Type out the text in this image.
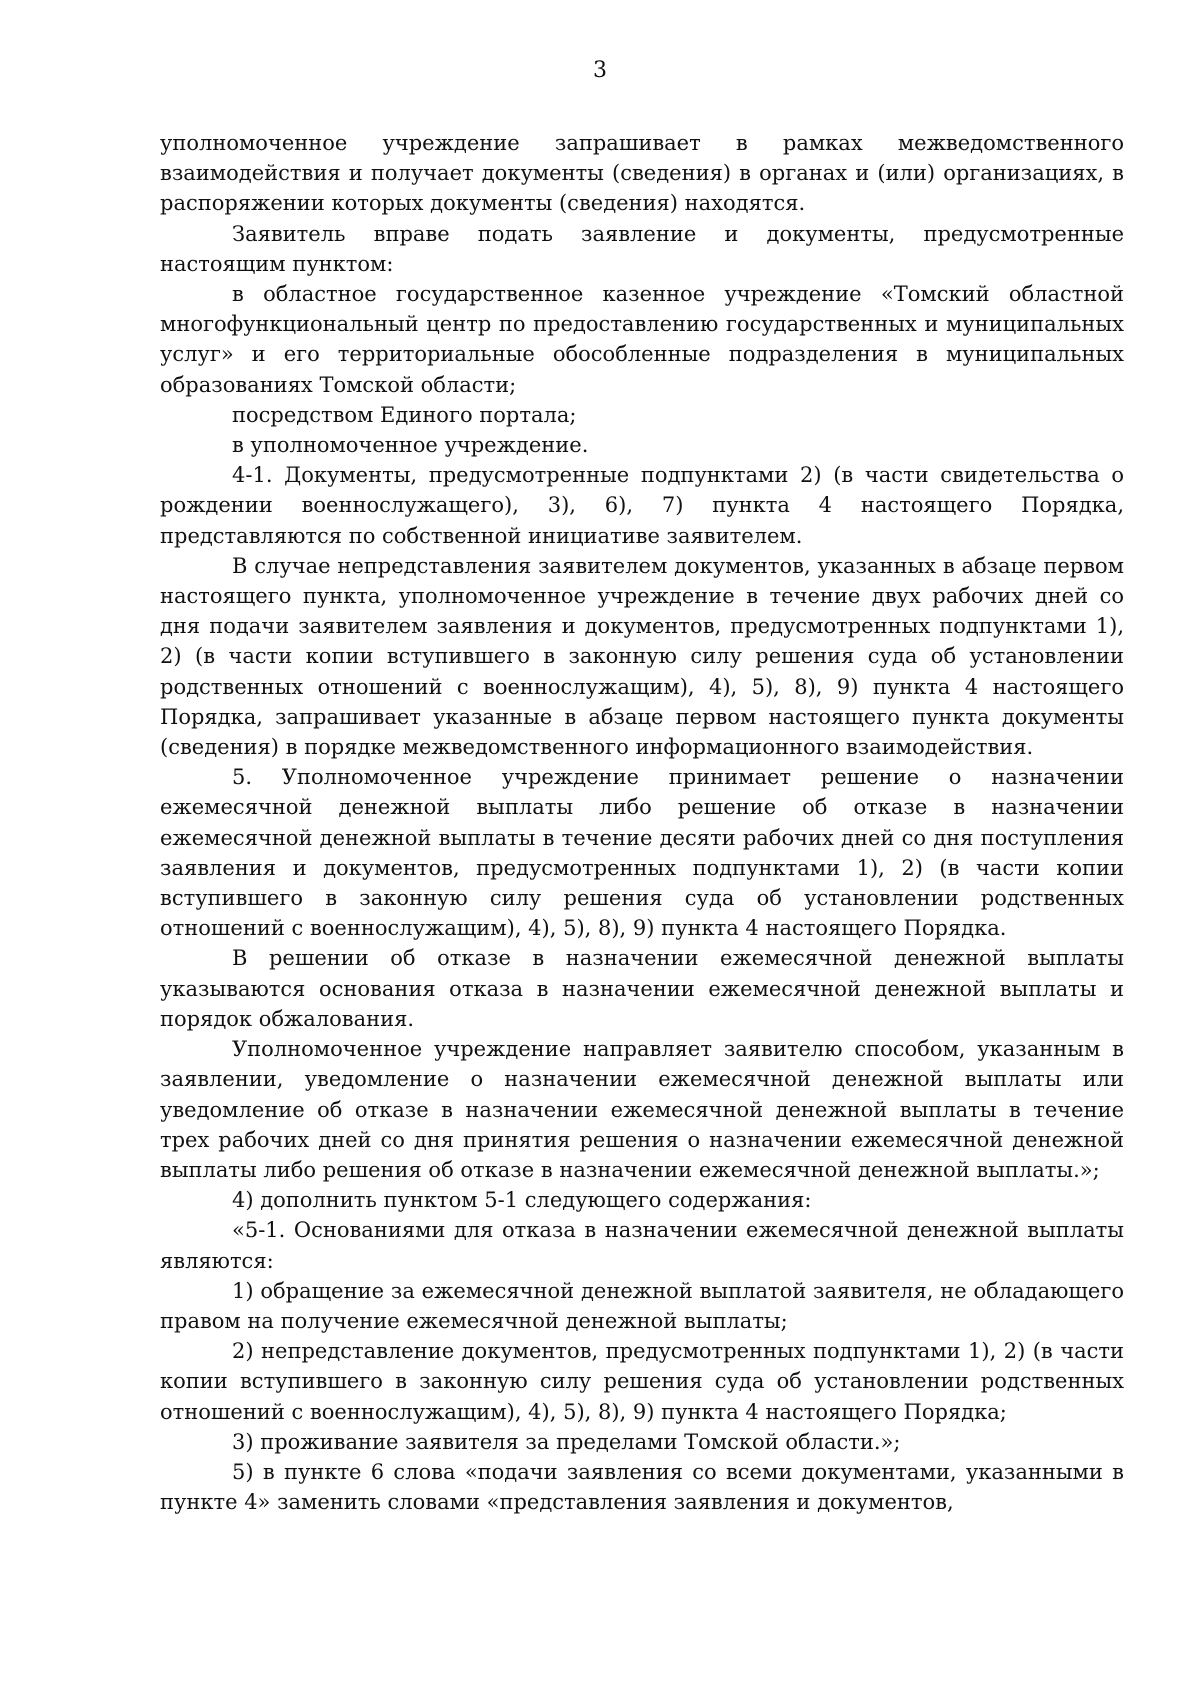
3

уполномоченное учреждение запрашивает в рамках межведомственного взаимодействия и получает документы (сведения) в органах и (или) организациях, в распоряжении которых документы (сведения) находятся.

Заявитель вправе подать заявление и документы, предусмотренные настоящим пунктом:

в областное государственное казенное учреждение «Томский областной многофункциональный центр по предоставлению государственных и муниципальных услуг» и его территориальные обособленные подразделения в муниципальных образованиях Томской области;

посредством Единого портала;

в уполномоченное учреждение.

4-1. Документы, предусмотренные подпунктами 2) (в части свидетельства о рождении военнослужащего), 3), 6), 7) пункта 4 настоящего Порядка, представляются по собственной инициативе заявителем.

В случае непредставления заявителем документов, указанных в абзаце первом настоящего пункта, уполномоченное учреждение в течение двух рабочих дней со дня подачи заявителем заявления и документов, предусмотренных подпунктами 1), 2) (в части копии вступившего в законную силу решения суда об установлении родственных отношений с военнослужащим), 4), 5), 8), 9) пункта 4 настоящего Порядка, запрашивает указанные в абзаце первом настоящего пункта документы (сведения) в порядке межведомственного информационного взаимодействия.

5. Уполномоченное учреждение принимает решение о назначении ежемесячной денежной выплаты либо решение об отказе в назначении ежемесячной денежной выплаты в течение десяти рабочих дней со дня поступления заявления и документов, предусмотренных подпунктами 1), 2) (в части копии вступившего в законную силу решения суда об установлении родственных отношений с военнослужащим), 4), 5), 8), 9) пункта 4 настоящего Порядка.

В решении об отказе в назначении ежемесячной денежной выплаты указываются основания отказа в назначении ежемесячной денежной выплаты и порядок обжалования.

Уполномоченное учреждение направляет заявителю способом, указанным в заявлении, уведомление о назначении ежемесячной денежной выплаты или уведомление об отказе в назначении ежемесячной денежной выплаты в течение трех рабочих дней со дня принятия решения о назначении ежемесячной денежной выплаты либо решения об отказе в назначении ежемесячной денежной выплаты.»;

4) дополнить пунктом 5-1 следующего содержания:

«5-1. Основаниями для отказа в назначении ежемесячной денежной выплаты являются:

1) обращение за ежемесячной денежной выплатой заявителя, не обладающего правом на получение ежемесячной денежной выплаты;

2) непредставление документов, предусмотренных подпунктами 1), 2) (в части копии вступившего в законную силу решения суда об установлении родственных отношений с военнослужащим), 4), 5), 8), 9) пункта 4 настоящего Порядка;

3) проживание заявителя за пределами Томской области.»;

5) в пункте 6 слова «подачи заявления со всеми документами, указанными в пункте 4» заменить словами «представления заявления и документов,
